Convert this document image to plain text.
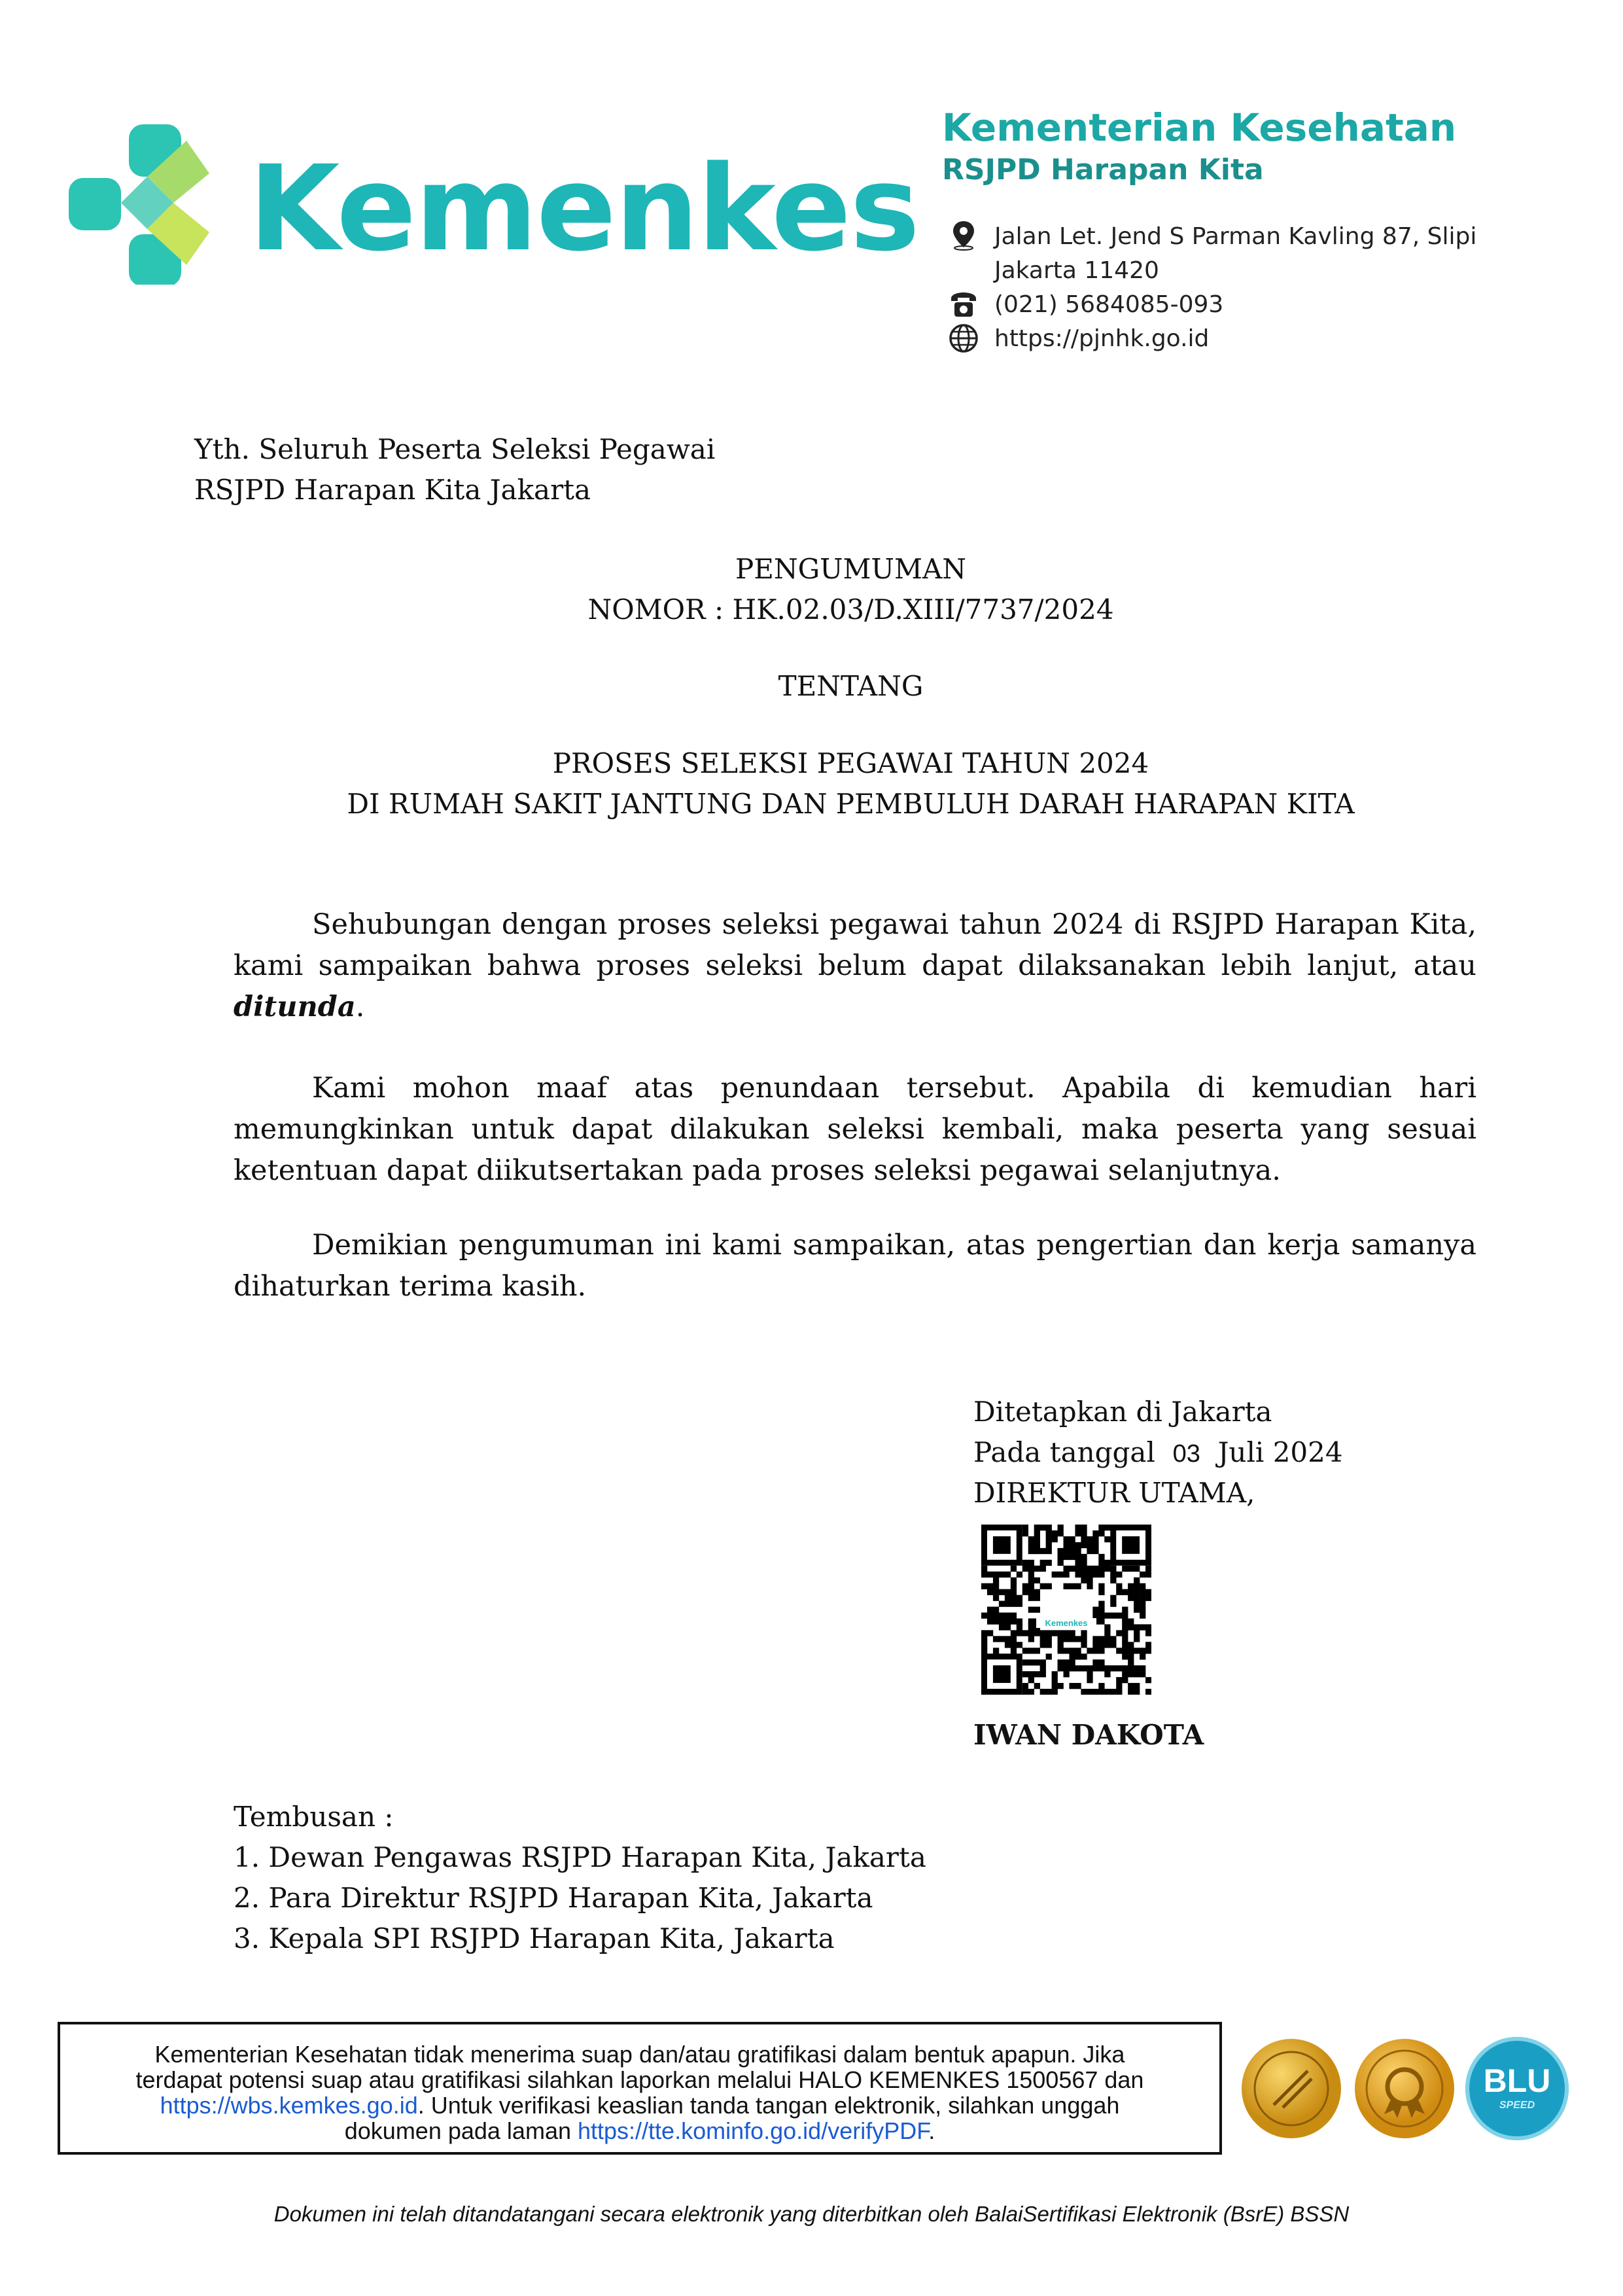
Kemenkes
Kementerian Kesehatan
RSJPD Harapan Kita
Jalan Let. Jend S Parman Kavling 87, Slipi
Jakarta 11420
(021) 5684085-093
https://pjnhk.go.id
Yth. Seluruh Peserta Seleksi Pegawai
RSJPD Harapan Kita Jakarta
PENGUMUMAN
NOMOR : HK.02.03/D.XIII/7737/2024
TENTANG
PROSES SELEKSI PEGAWAI TAHUN 2024
DI RUMAH SAKIT JANTUNG DAN PEMBULUH DARAH HARAPAN KITA

Sehubungan dengan proses seleksi pegawai tahun 2024 di RSJPD Harapan Kita, kami sampaikan bahwa proses seleksi belum dapat dilaksanakan lebih lanjut, atau ditunda.

Kami mohon maaf atas penundaan tersebut. Apabila di kemudian hari memungkinkan untuk dapat dilakukan seleksi kembali, maka peserta yang sesuai ketentuan dapat diikutsertakan pada proses seleksi pegawai selanjutnya.

Demikian pengumuman ini kami sampaikan, atas pengertian dan kerja samanya dihaturkan terima kasih.

Ditetapkan di Jakarta
Pada tanggal 03 Juli 2024
DIREKTUR UTAMA,
Kemenkes
IWAN DAKOTA
Tembusan :
1. Dewan Pengawas RSJPD Harapan Kita, Jakarta
2. Para Direktur RSJPD Harapan Kita, Jakarta
3. Kepala SPI RSJPD Harapan Kita, Jakarta
Kementerian Kesehatan tidak menerima suap dan/atau gratifikasi dalam bentuk apapun. Jika
terdapat potensi suap atau gratifikasi silahkan laporkan melalui HALO KEMENKES 1500567 dan
https://wbs.kemkes.go.id. Untuk verifikasi keaslian tanda tangan elektronik, silahkan unggah
dokumen pada laman https://tte.kominfo.go.id/verifyPDF.
BLU
SPEED
Dokumen ini telah ditandatangani secara elektronik yang diterbitkan oleh BalaiSertifikasi Elektronik (BsrE) BSSN
